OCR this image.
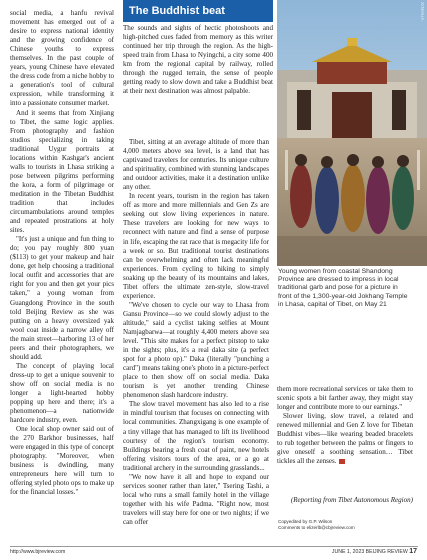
social media, a hanfu revival movement has emerged out of a desire to express national identity and the growing confidence of Chinese youths to express themselves. In the past couple of years, young Chinese have elevated the dress code from a niche hobby to a generation's tool of cultural expression, while transforming it into a passionate consumer market.

And it seems that from Xinjiang to Tibet, the same logic applies. From photography and fashion studios specializing in taking traditional Uygur portraits at locations within Kashgar's ancient walls to tourists in Lhasa striking a pose between pilgrims performing the kora, a form of pilgrimage or meditation in the Tibetan Buddhist tradition that includes circumambulations around temples and repeated prostrations at holy sites.

"It's just a unique and fun thing to do; you pay roughly 800 yuan ($113) to get your makeup and hair done, get help choosing a traditional local outfit and accessories that are right for you and then get your pics taken," a young woman from Guangdong Province in the south told Beijing Review as she was putting on a heavy oversized yak wool coat inside a narrow alley off the main street—harboring 13 of her peers and their photographers, we should add.

The concept of playing local dress-up to get a unique souvenir to show off on social media is no longer a light-hearted hobby popping up here and there; it's a phenomenon—a nationwide hardcore industry, even.

One local shop owner said out of the 270 Barkhor businesses, half were engaged in this type of concept photography. "Moreover, when business is dwindling, many entrepreneurs here will turn to offering styled photo ops to make up for the financial losses."

The Buddhist beat

The sounds and sights of hectic photoshoots and high-pitched cues faded from memory as this writer continued her trip through the region. As the high-speed train from Lhasa to Nyingchi, a city some 400 km from the regional capital by railway, rolled through the rugged terrain, the sense of people getting ready to slow down and take a Buddhist beat at their next destination was almost palpable.

Tibet, sitting at an average altitude of more than 4,000 meters above sea level, is a land that has captivated travelers for centuries. Its unique culture and spirituality, combined with stunning landscapes and outdoor activities, make it a destination unlike any other.

In recent years, tourism in the region has taken off as more and more millennials and Gen Zs are seeking out slow living experiences in nature. These travelers are looking for new ways to reconnect with nature and find a sense of purpose in life, escaping the rat race that is megacity life for a week or so. But traditional tourist destinations can be overwhelming and often lack meaningful experiences. From cycling to hiking to simply soaking up the beauty of its mountains and lakes, Tibet offers the ultimate zen-style, slow-travel experience.

"We've chosen to cycle our way to Lhasa from Gansu Province—so we could slowly adjust to the altitude," said a cyclist taking selfies at Mount Namjagbarwa—at roughly 4,400 meters above sea level. "This site makes for a perfect pitstop to take in the sights; plus, it's a real daka site (a perfect spot for a photo op)." Daka (literally "punching a card") means taking one's photo in a picture-perfect place to then show off on social media. Daka tourism is yet another trending Chinese phenomenon slash hardcore industry.

The slow travel movement has also led to a rise in mindful tourism that focuses on connecting with local communities. Zhangxigang is one example of a tiny village that has managed to lift its livelihood courtesy of the region's tourism economy. Buildings bearing a fresh coat of paint, new hotels offering visitors tours of the area, or a go at traditional archery in the surrounding grasslands...

"We now have it all and hope to expand our services sooner rather than later," Tsering Tashi, a local who runs a small family hotel in the village together with his wife Padma. "Right now, most travelers will stay here for one or two nights; if we can offer

XINHUA
Young women from coastal Shandong Province are dressed to impress in local traditional garb and pose for a picture in front of the 1,300-year-old Jokhang Temple in Lhasa, capital of Tibet, on May 21

them more recreational services or take them to scenic spots a bit farther away, they might stay longer and contribute more to our earnings."

Slower living, slow travel, a related and renewed millennial and Gen Z love for Tibetan Buddhist vibes—like wearing beaded bracelets to rub together between the palms or fingers to give oneself a soothing sensation… Tibet tickles all the zenses.

(Reporting from Tibet Autonomous Region)
Copyedited by G.P. Wilson
Comments to elizerlb@cbjreview.com
http://www.bjreview.com	JUNE 1, 2023 BEIJING REVIEW 17
